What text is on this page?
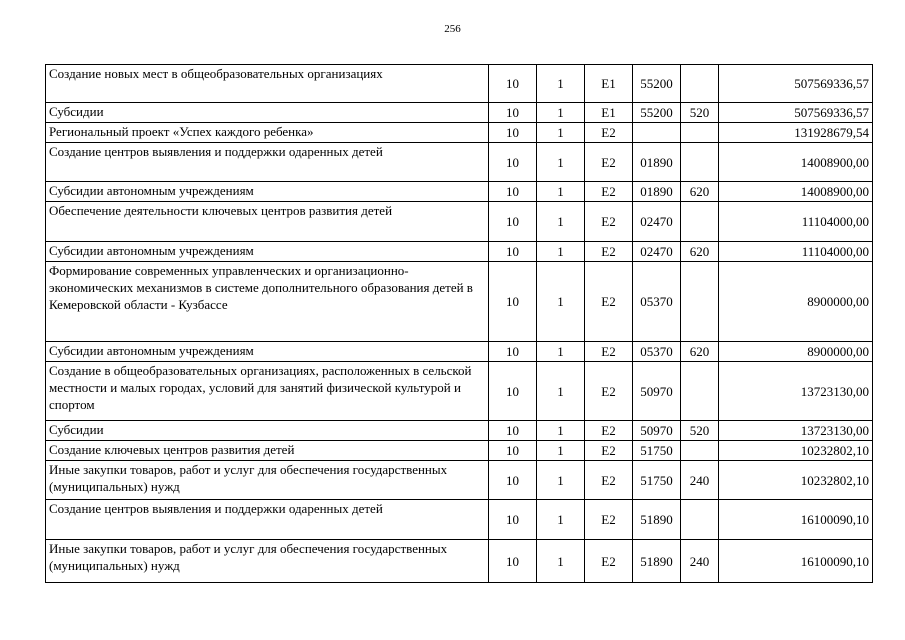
256
Создание новых мест в общеобразовательных организациях	10	1	Е1	55200		507569336,57
Субсидии	10	1	Е1	55200	520	507569336,57
Региональный проект «Успех каждого ребенка»	10	1	Е2			131928679,54
Создание центров выявления и поддержки одаренных детей	10	1	Е2	01890		14008900,00
Субсидии автономным учреждениям	10	1	Е2	01890	620	14008900,00
Обеспечение деятельности ключевых центров развития детей	10	1	Е2	02470		11104000,00
Субсидии автономным учреждениям	10	1	Е2	02470	620	11104000,00
Формирование современных управленческих и организационно-экономических механизмов в системе дополнительного образования детей в Кемеровской области - Кузбассе	10	1	Е2	05370		8900000,00
Субсидии автономным учреждениям	10	1	Е2	05370	620	8900000,00
Создание в общеобразовательных организациях, расположенных в сельской местности и малых городах, условий для занятий физической культурой и спортом	10	1	Е2	50970		13723130,00
Субсидии	10	1	Е2	50970	520	13723130,00
Создание ключевых центров развития детей	10	1	Е2	51750		10232802,10
Иные закупки товаров, работ и услуг для обеспечения государственных (муниципальных) нужд	10	1	Е2	51750	240	10232802,10
Создание центров выявления и поддержки одаренных детей	10	1	Е2	51890		16100090,10
Иные закупки товаров, работ и услуг для обеспечения государственных (муниципальных) нужд	10	1	Е2	51890	240	16100090,10
